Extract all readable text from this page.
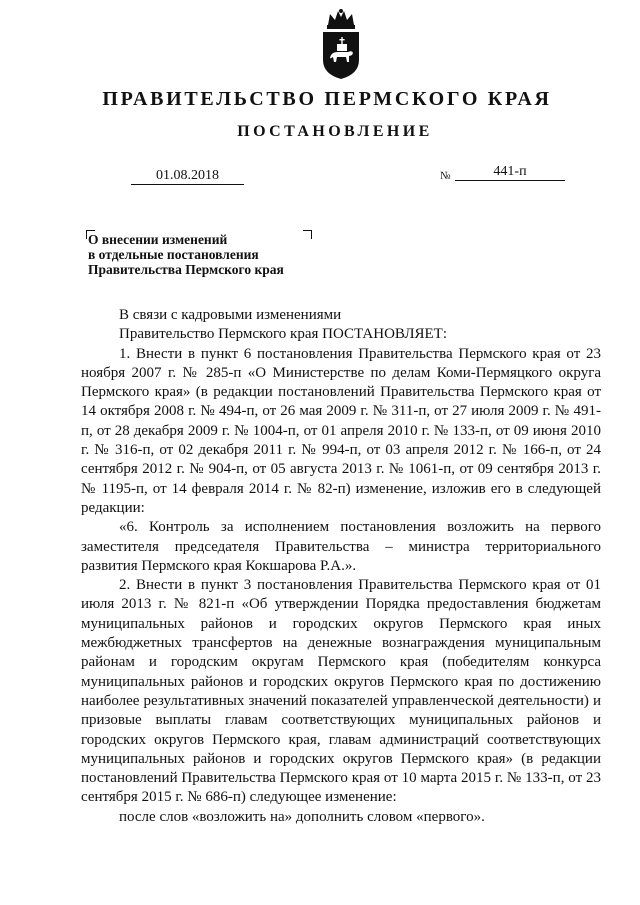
ПРАВИТЕЛЬСТВО ПЕРМСКОГО КРАЯ
ПОСТАНОВЛЕНИЕ
01.08.2018	№	441-п
О внесении изменений
в отдельные постановления
Правительства Пермского края

В связи с кадровыми изменениями

Правительство Пермского края ПОСТАНОВЛЯЕТ:

1. Внести в пункт 6 постановления Правительства Пермского края от 23 ноября 2007 г. № 285-п «О Министерстве по делам Коми-Пермяцкого округа Пермского края» (в редакции постановлений Правительства Пермского края от 14 октября 2008 г. № 494-п, от 26 мая 2009 г. № 311-п, от 27 июля 2009 г. № 491-п, от 28 декабря 2009 г. № 1004-п, от 01 апреля 2010 г. № 133-п, от 09 июня 2010 г. № 316-п, от 02 декабря 2011 г. № 994-п, от 03 апреля 2012 г. № 166-п, от 24 сентября 2012 г. № 904-п, от 05 августа 2013 г. № 1061-п, от 09 сентября 2013 г. № 1195-п, от 14 февраля 2014 г. № 82-п) изменение, изложив его в следующей редакции:

«6. Контроль за исполнением постановления возложить на первого заместителя председателя Правительства – министра территориального развития Пермского края Кокшарова Р.А.».

2. Внести в пункт 3 постановления Правительства Пермского края от 01 июля 2013 г. № 821-п «Об утверждении Порядка предоставления бюджетам муниципальных районов и городских округов Пермского края иных межбюджетных трансфертов на денежные вознаграждения муниципальным районам и городским округам Пермского края (победителям конкурса муниципальных районов и городских округов Пермского края по достижению наиболее результативных значений показателей управленческой деятельности) и призовые выплаты главам соответствующих муниципальных районов и городских округов Пермского края, главам администраций соответствующих муниципальных районов и городских округов Пермского края» (в редакции постановлений Правительства Пермского края от 10 марта 2015 г. № 133-п, от 23 сентября 2015 г. № 686-п) следующее изменение:

после слов «возложить на» дополнить словом «первого».
